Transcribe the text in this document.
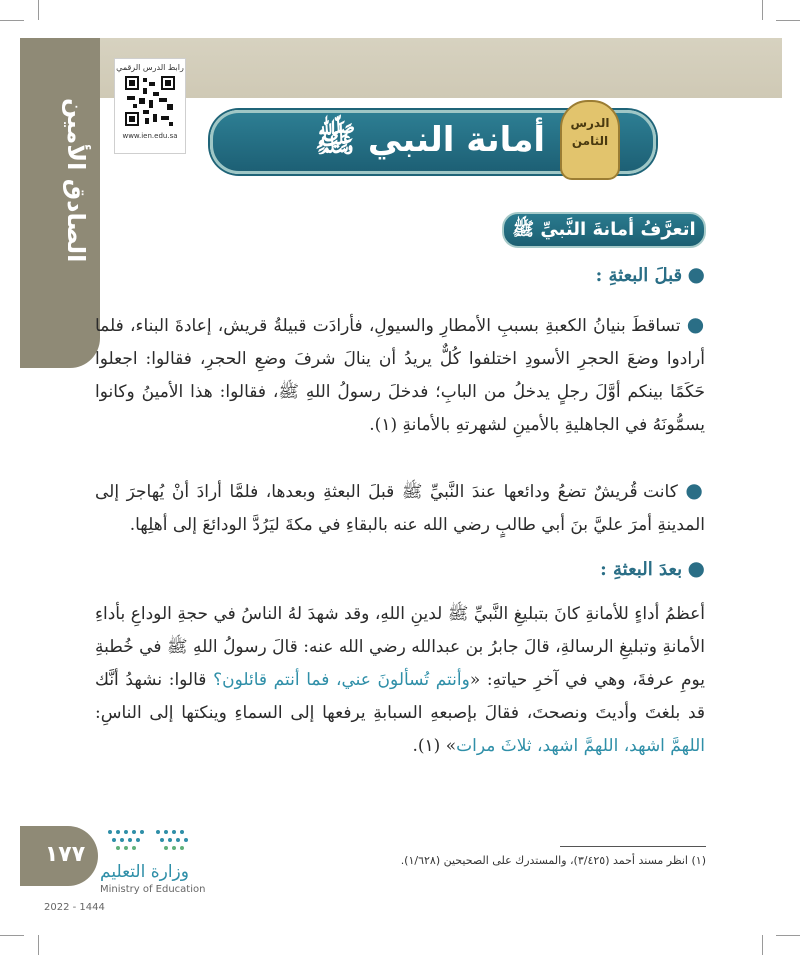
الصادق الأمين
رابط الدرس الرقمي
www.ien.edu.sa	أمانة النبي ﷺ	الدرس
الثامن
اتعرَّفُ أمانةَ النَّبيِّ ﷺ
● قبلَ البعثةِ :
● تساقطَ بنيانُ الكعبةِ بسببِ الأمطارِ والسيولِ، فأرادَت قبيلةُ قريش، إعادةَ البناء، فلما أرادوا وضعَ الحجرِ الأسودِ اختلفوا كُلٌّ يريدُ أن ينالَ شرفَ وضعِ الحجرِ، فقالوا: اجعلوا حَكَمًا بينكم أوَّلَ رجلٍ يدخلُ من البابِ؛ فدخلَ رسولُ اللهِ ﷺ، فقالوا: هذا الأمينُ وكانوا يسمُّونَهُ في الجاهليةِ بالأمينِ لشهرتهِ بالأمانةِ (١).
● كانت قُريشٌ تضعُ ودائعها عندَ النَّبيِّ ﷺ قبلَ البعثةِ وبعدها، فلمَّا أرادَ أنْ يُهاجرَ إلى المدينةِ أمرَ عليَّ بنَ أبي طالبٍ رضي الله عنه بالبقاءِ في مكةَ ليَرُدَّ الودائعَ إلى أهلِها.
● بعدَ البعثةِ :
أعظمُ أداءٍ للأمانةِ كانَ بتبليغِ النَّبيِّ ﷺ لدينِ اللهِ، وقد شهدَ لهُ الناسُ في حجةِ الوداعِ بأداءِ الأمانةِ وتبليغِ الرسالةِ، قالَ جابرُ بن عبدالله رضي الله عنه: قالَ رسولُ اللهِ ﷺ في خُطبةِ يومِ عرفةَ، وهي في آخرِ حياتهِ: «وأنتم تُسألونَ عني، فما أنتم قائلون؟ قالوا: نشهدُ أنَّك قد بلغتَ وأديتَ ونصحتَ، فقالَ بإصبعهِ السبابةِ يرفعها إلى السماءِ وينكتها إلى الناسِ: اللهمَّ اشهد، اللهمَّ اشهد، ثلاثَ مرات» (١).
(١) انظر مسند أحمد (٣/٤٢٥)، والمستدرك على الصحيحين (١/٦٢٨).
١٧٧
وزارة التعليم
Ministry of Education
2022 - 1444
